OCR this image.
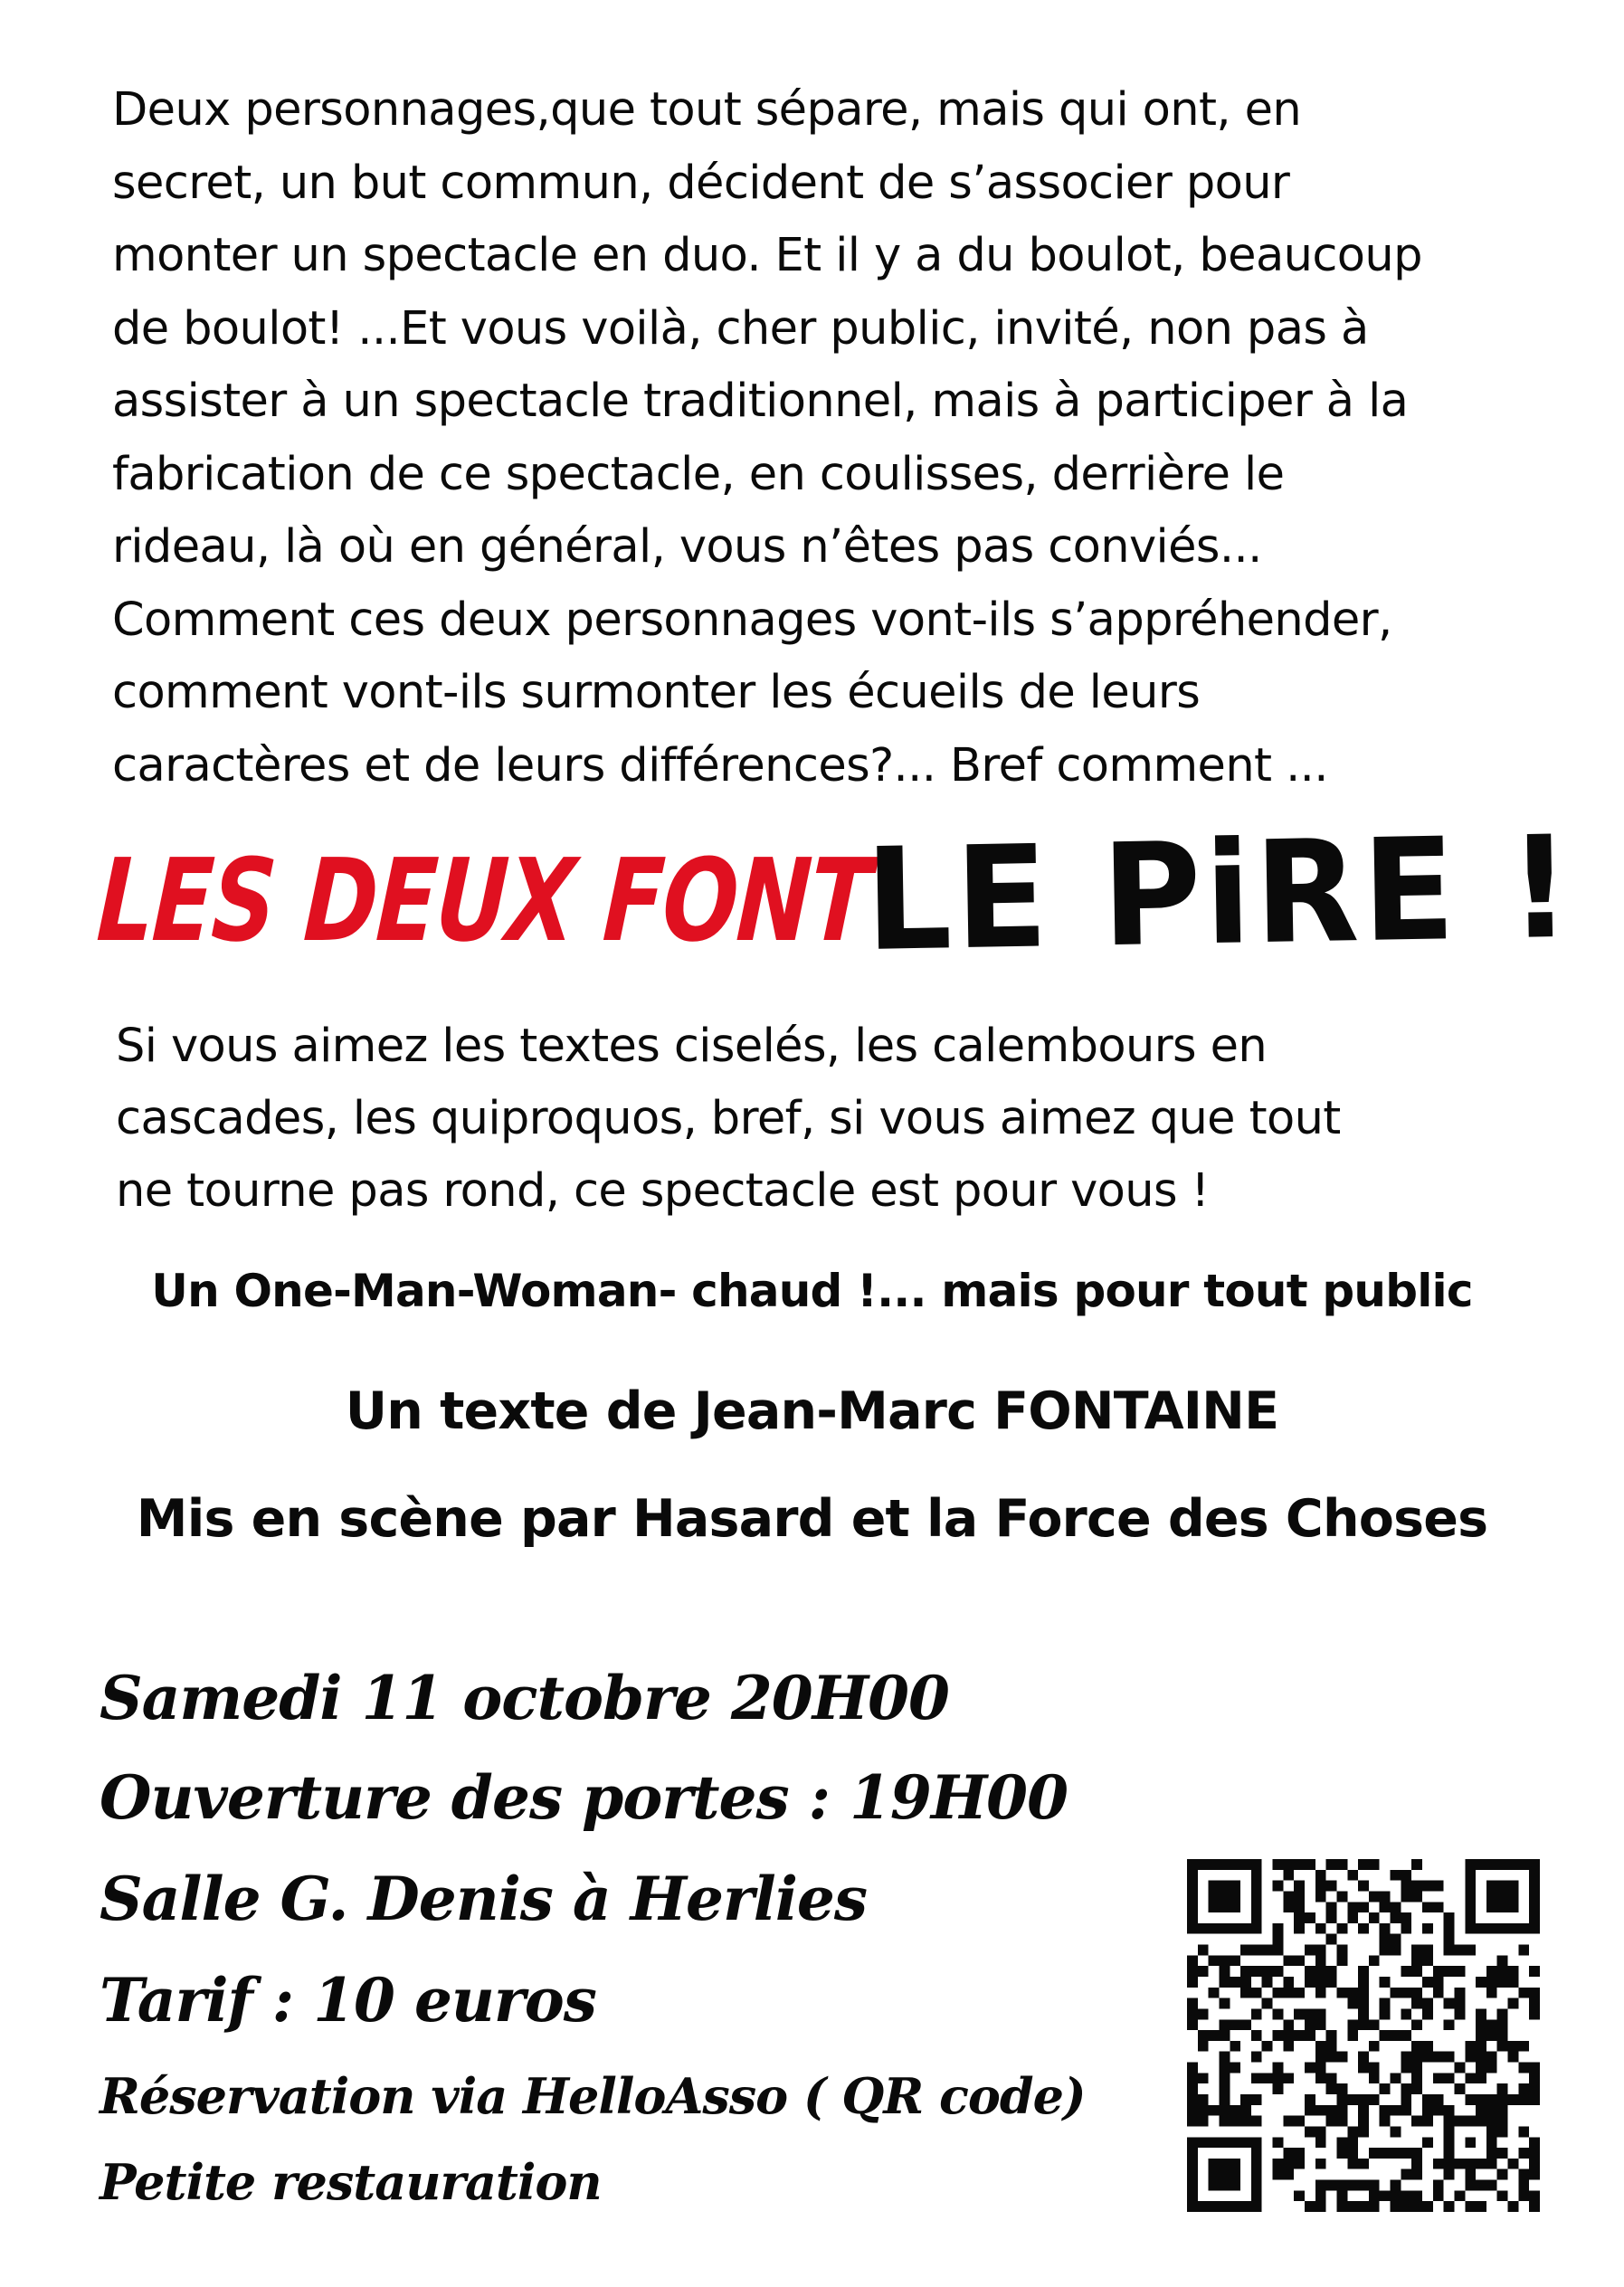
Deux personnages,que tout sépare, mais qui ont, en
secret, un but commun, décident de s’associer pour
monter un spectacle en duo. Et il y a du boulot, beaucoup
de boulot! ...Et vous voilà, cher public, invité, non pas à
assister à un spectacle traditionnel, mais à participer à la
fabrication de ce spectacle, en coulisses, derrière le
rideau, là où en général, vous n’êtes pas conviés...
Comment ces deux personnages vont-ils s’appréhender,
comment vont-ils surmonter les écueils de leurs
caractères et de leurs différences?... Bref comment ...
LES DEUX FONT
LE PiRE !
Si vous aimez les textes ciselés, les calembours en
cascades, les quiproquos, bref, si vous aimez que tout
ne tourne pas rond, ce spectacle est pour vous !
Un One-Man-Woman- chaud !... mais pour tout public
Un texte de Jean-Marc FONTAINE
Mis en scène par Hasard et la Force des Choses
Samedi 11 octobre 20H00
Ouverture des portes : 19H00
Salle G. Denis à Herlies
Tarif : 10 euros
Réservation via HelloAsso ( QR code)
Petite restauration
